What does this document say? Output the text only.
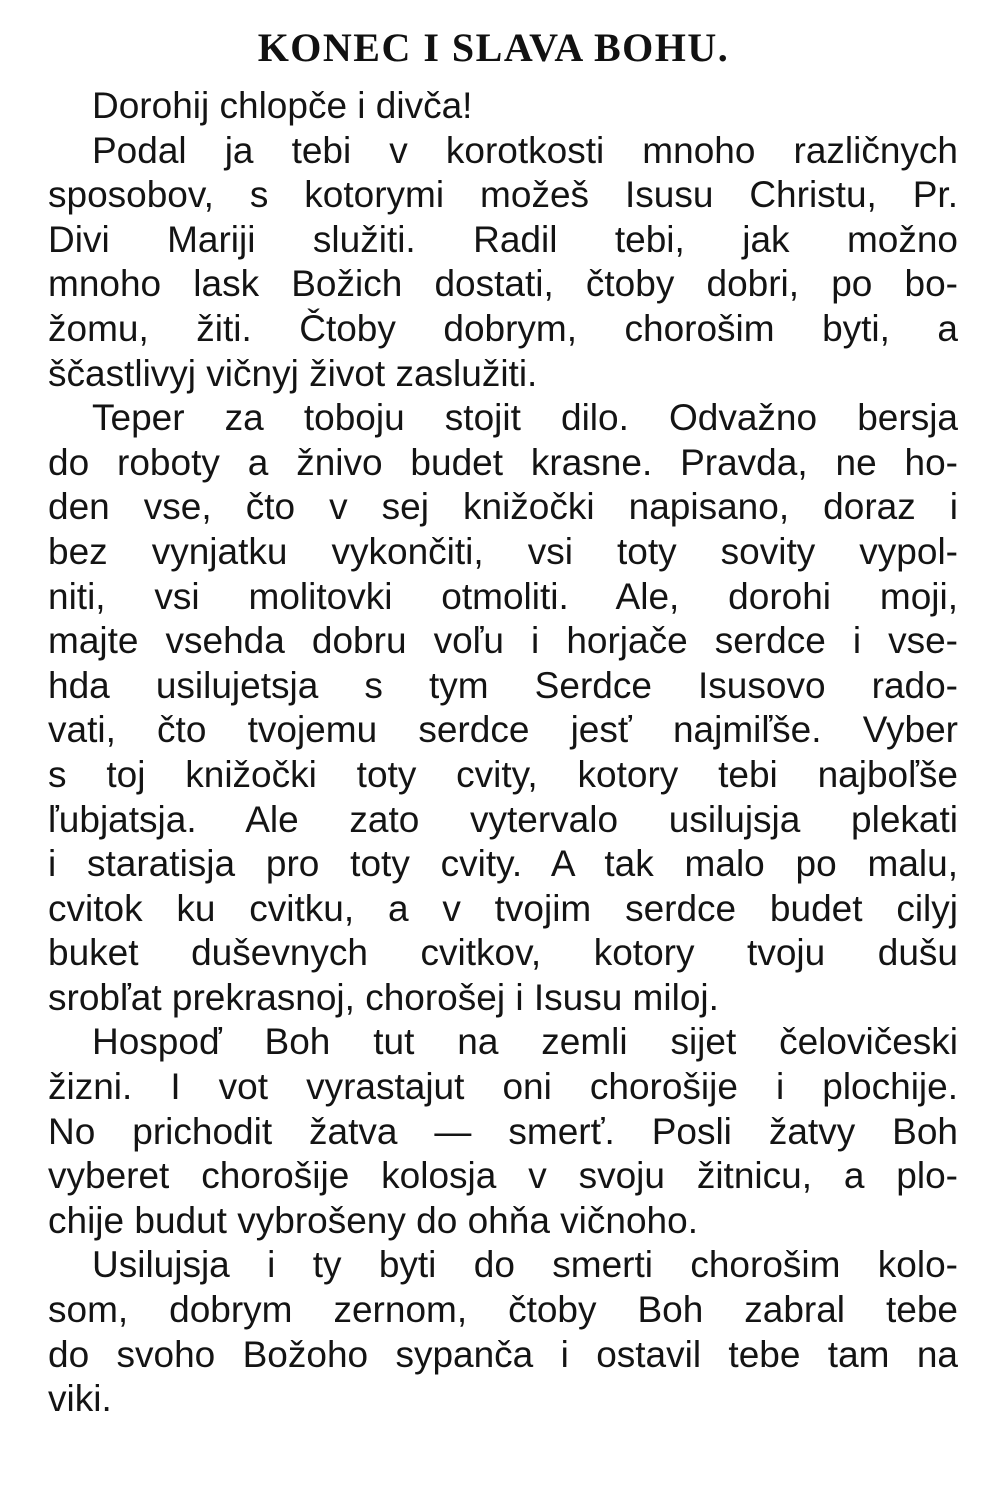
KONEC I SLAVA BOHU.
Dorohij chlopče i divča!
Podal ja tebi v korotkosti mnoho različnych
sposobov, s kotorymi možeš Isusu Christu, Pr.
Divi Mariji služiti. Radil tebi, jak možno
mnoho lask Božich dostati, čtoby dobri, po bo-
žomu, žiti. Čtoby dobrym, chorošim byti, a
ščastlivyj vičnyj život zaslužiti.
Teper za toboju stojit dilo. Odvažno bersja
do roboty a žnivo budet krasne. Pravda, ne ho-
den vse, čto v sej knižočki napisano, doraz i
bez vynjatku vykončiti, vsi toty sovity vypol-
niti, vsi molitovki otmoliti. Ale, dorohi moji,
majte vsehda dobru voľu i horjače serdce i vse-
hda usilujetsja s tym Serdce Isusovo rado-
vati, čto tvojemu serdce jesť najmiľše. Vyber
s toj knižočki toty cvity, kotory tebi najboľše
ľubjatsja. Ale zato vytervalo usilujsja plekati
i staratisja pro toty cvity. A tak malo po malu,
cvitok ku cvitku, a v tvojim serdce budet cilyj
buket duševnych cvitkov, kotory tvoju dušu
srobľat prekrasnoj, chorošej i Isusu miloj.
Hospoď Boh tut na zemli sijet čelovičeski
žizni. I vot vyrastajut oni chorošije i plochije.
No prichodit žatva — smerť. Posli žatvy Boh
vyberet chorošije kolosja v svoju žitnicu, a plo-
chije budut vybrošeny do ohňa vičnoho.
Usilujsja i ty byti do smerti chorošim kolo-
som, dobrym zernom, čtoby Boh zabral tebe
do svoho Božoho sypanča i ostavil tebe tam na
viki.
